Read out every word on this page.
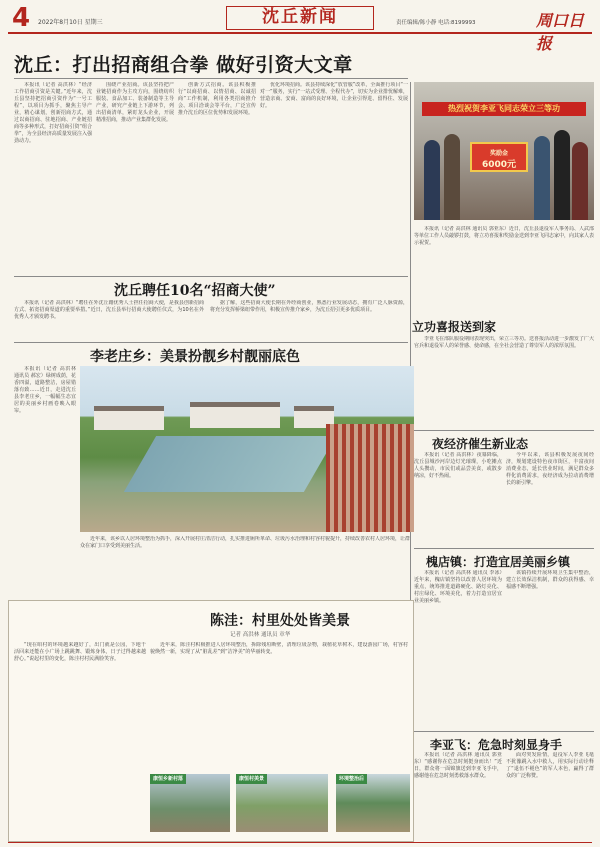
4 2022年8月10日 星期三	沈丘新闻	责任编辑/陈小静 电话:8199993	周口日报
沈丘：打出招商组合拳 做好引资大文章

本报讯（记者 高洪林）“经济工作招商引资是关键。”近年来，沈丘县坚持把招商引资作为“一号工程”，以项目为抓手，聚焦主导产业，精心谋划，创新招商方式，通过以商招商、驻地招商、产业链招商等多种形式，打好招商引资“组合拳”，为全县经济高质量发展注入强劲动力。

围绕产业招商。该县坚持把产业链招商作为主攻方向，围绕纺织服装、食品加工、装备制造等主导产业，研究产业链上下游环节，列出招商清单，紧盯龙头企业，开展精准招商，推动产业集群化发展。

创新方式招商。该县积极推行“以商招商、以情招商、以诚招商”工作机制，利用各类招商推介会、项目洽谈会等平台，广泛宣传推介沈丘的区位优势和发展环境。

优化环境招商。该县持续深化“放管服”改革，全面推行项目“一对一”服务，实行“一站式受理、全程代办”，切实为企业排忧解难，营造亲商、安商、富商的良好环境，让企业引得进、留得住、发展好。	热烈祝贺李亚飞同志荣立三等功
奖励金
6000元

本报讯（记者 高洪林 通讯员 郭亚东）近日，沈丘县退役军人事务局、人武部等单位工作人员敲锣打鼓，将立功喜报和奖励金送到李亚飞同志家中，向其家人表示祝贺。

沈丘聘任10名“招商大使”

本报讯（记者 高洪林）“聘任在外沈丘籍优秀人士担任招商大使，是我县创新招商方式、拓宽招商渠道的重要举措。”近日，沈丘县举行招商大使聘任仪式，为10名在外优秀人才颁发聘书。

据了解，这些招商大使长期在外经商创业，熟悉行业发展动态，拥有广泛人脉资源，将充分发挥桥梁纽带作用，积极宣传推介家乡，为沈丘招引更多优质项目。

立功喜报送到家

李亚飞在部队服役期间表现突出，荣立三等功。送喜报活动进一步激发了广大官兵和退役军人的荣誉感、使命感，在全社会营造了尊崇军人的浓厚氛围。

夜经济催生新业态

本报讯（记者 高洪林）夜幕降临，沈丘县城沙河岸边灯光璀璨，小吃摊点人头攒动，市民们或品尝美食，或散步纳凉，好不热闹。

今年以来，该县积极发展夜间经济，规划建设特色夜市街区，丰富夜间消费业态，延长营业时间，满足群众多样化消费需求，夜经济成为拉动消费增长的新引擎。

槐店镇：打造宜居美丽乡镇

本报讯（记者 高洪林 通讯员 李冰）近年来，槐店镇坚持以改善人居环境为重点，统筹推进道路硬化、路灯亮化、村庄绿化、环境美化，着力打造宜居宜业美丽乡镇。

该镇持续开展环境卫生集中整治，建立长效保洁机制，群众的获得感、幸福感不断增强。

李亚飞：危急时刻显身手

本报讯（记者 高洪林 通讯员 郭亚东）“感谢你在危急时刻挺身而出！”近日，群众将一面锦旗送到李亚飞手中，感谢他在危急时刻勇救落水群众。

面对突发险情，退役军人李亚飞毫不犹豫跳入水中救人，用实际行动诠释了“退伍不褪色”的军人本色，赢得了群众的广泛称赞。

李老庄乡：美景扮靓乡村靓丽底色

本报讯（记者 高洪林 通讯员 郝宏）绿树成荫，花香四溢，道路整洁，房屋错落有致……近日，走进沈丘县李老庄乡，一幅幅生态宜居的美丽乡村画卷映入眼帘。

近年来，该乡以人居环境整治为抓手，深入开展村庄清洁行动，扎实推进厕所革命、垃圾污水治理和村容村貌提升，持续改善农村人居环境，让群众在家门口享受到美丽生活。

陈洼：村里处处皆美景
记者 高洪林 通讯员 章华

“现在咱村的环境越来越好了，出门就是公园，下地干活回来还能在小广场上跳跳舞、锻炼身体，日子过得越来越舒心。”说起村里的变化，陈洼村村民满脸笑容。

近年来，陈洼村积极推进人居环境整治，拆除残垣断壁，清理垃圾杂物，栽植花草树木，建设游园广场，村容村貌焕然一新，实现了从“脏乱差”到“洁净美”的华丽转变。

康恒乡新村落	康恒村美景	环境整治后
